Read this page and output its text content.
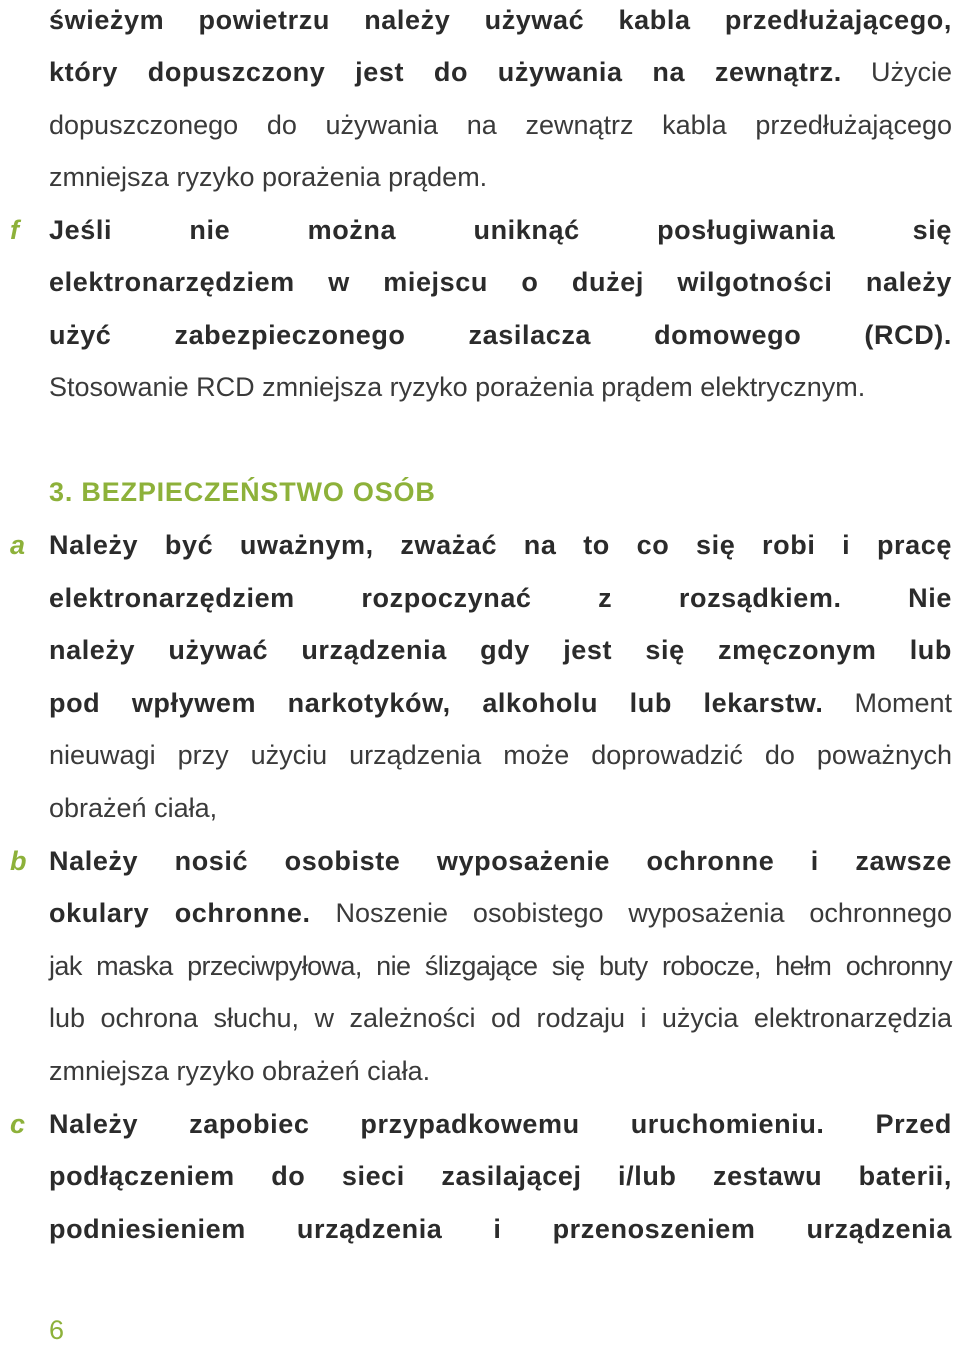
świeżym powietrzu należy używać kabla przedłużającego,
który dopuszczony jest do używania na zewnątrz. Użycie
dopuszczonego do używania na zewnątrz kabla przedłużającego
zmniejsza ryzyko porażenia prądem.
f Jeśli nie można uniknąć posługiwania się
elektronarzędziem w miejscu o dużej wilgotności należy
użyć zabezpieczonego zasilacza domowego (RCD).
Stosowanie RCD zmniejsza ryzyko porażenia prądem elektrycznym.
3. BEZPIECZEŃSTWO OSÓB
a Należy być uważnym, zważać na to co się robi i pracę
elektronarzędziem rozpoczynać z rozsądkiem. Nie
należy używać urządzenia gdy jest się zmęczonym lub
pod wpływem narkotyków, alkoholu lub lekarstw. Moment
nieuwagi przy użyciu urządzenia może doprowadzić do poważnych
obrażeń ciała,
b Należy nosić osobiste wyposażenie ochronne i zawsze
okulary ochronne. Noszenie osobistego wyposażenia ochronnego
jak maska przeciwpyłowa, nie ślizgające się buty robocze, hełm ochronny
lub ochrona słuchu, w zależności od rodzaju i użycia elektronarzędzia
zmniejsza ryzyko obrażeń ciała.
c Należy zapobiec przypadkowemu uruchomieniu. Przed
podłączeniem do sieci zasilającej i/lub zestawu baterii,
podniesieniem urządzenia i przenoszeniem urządzenia
6
